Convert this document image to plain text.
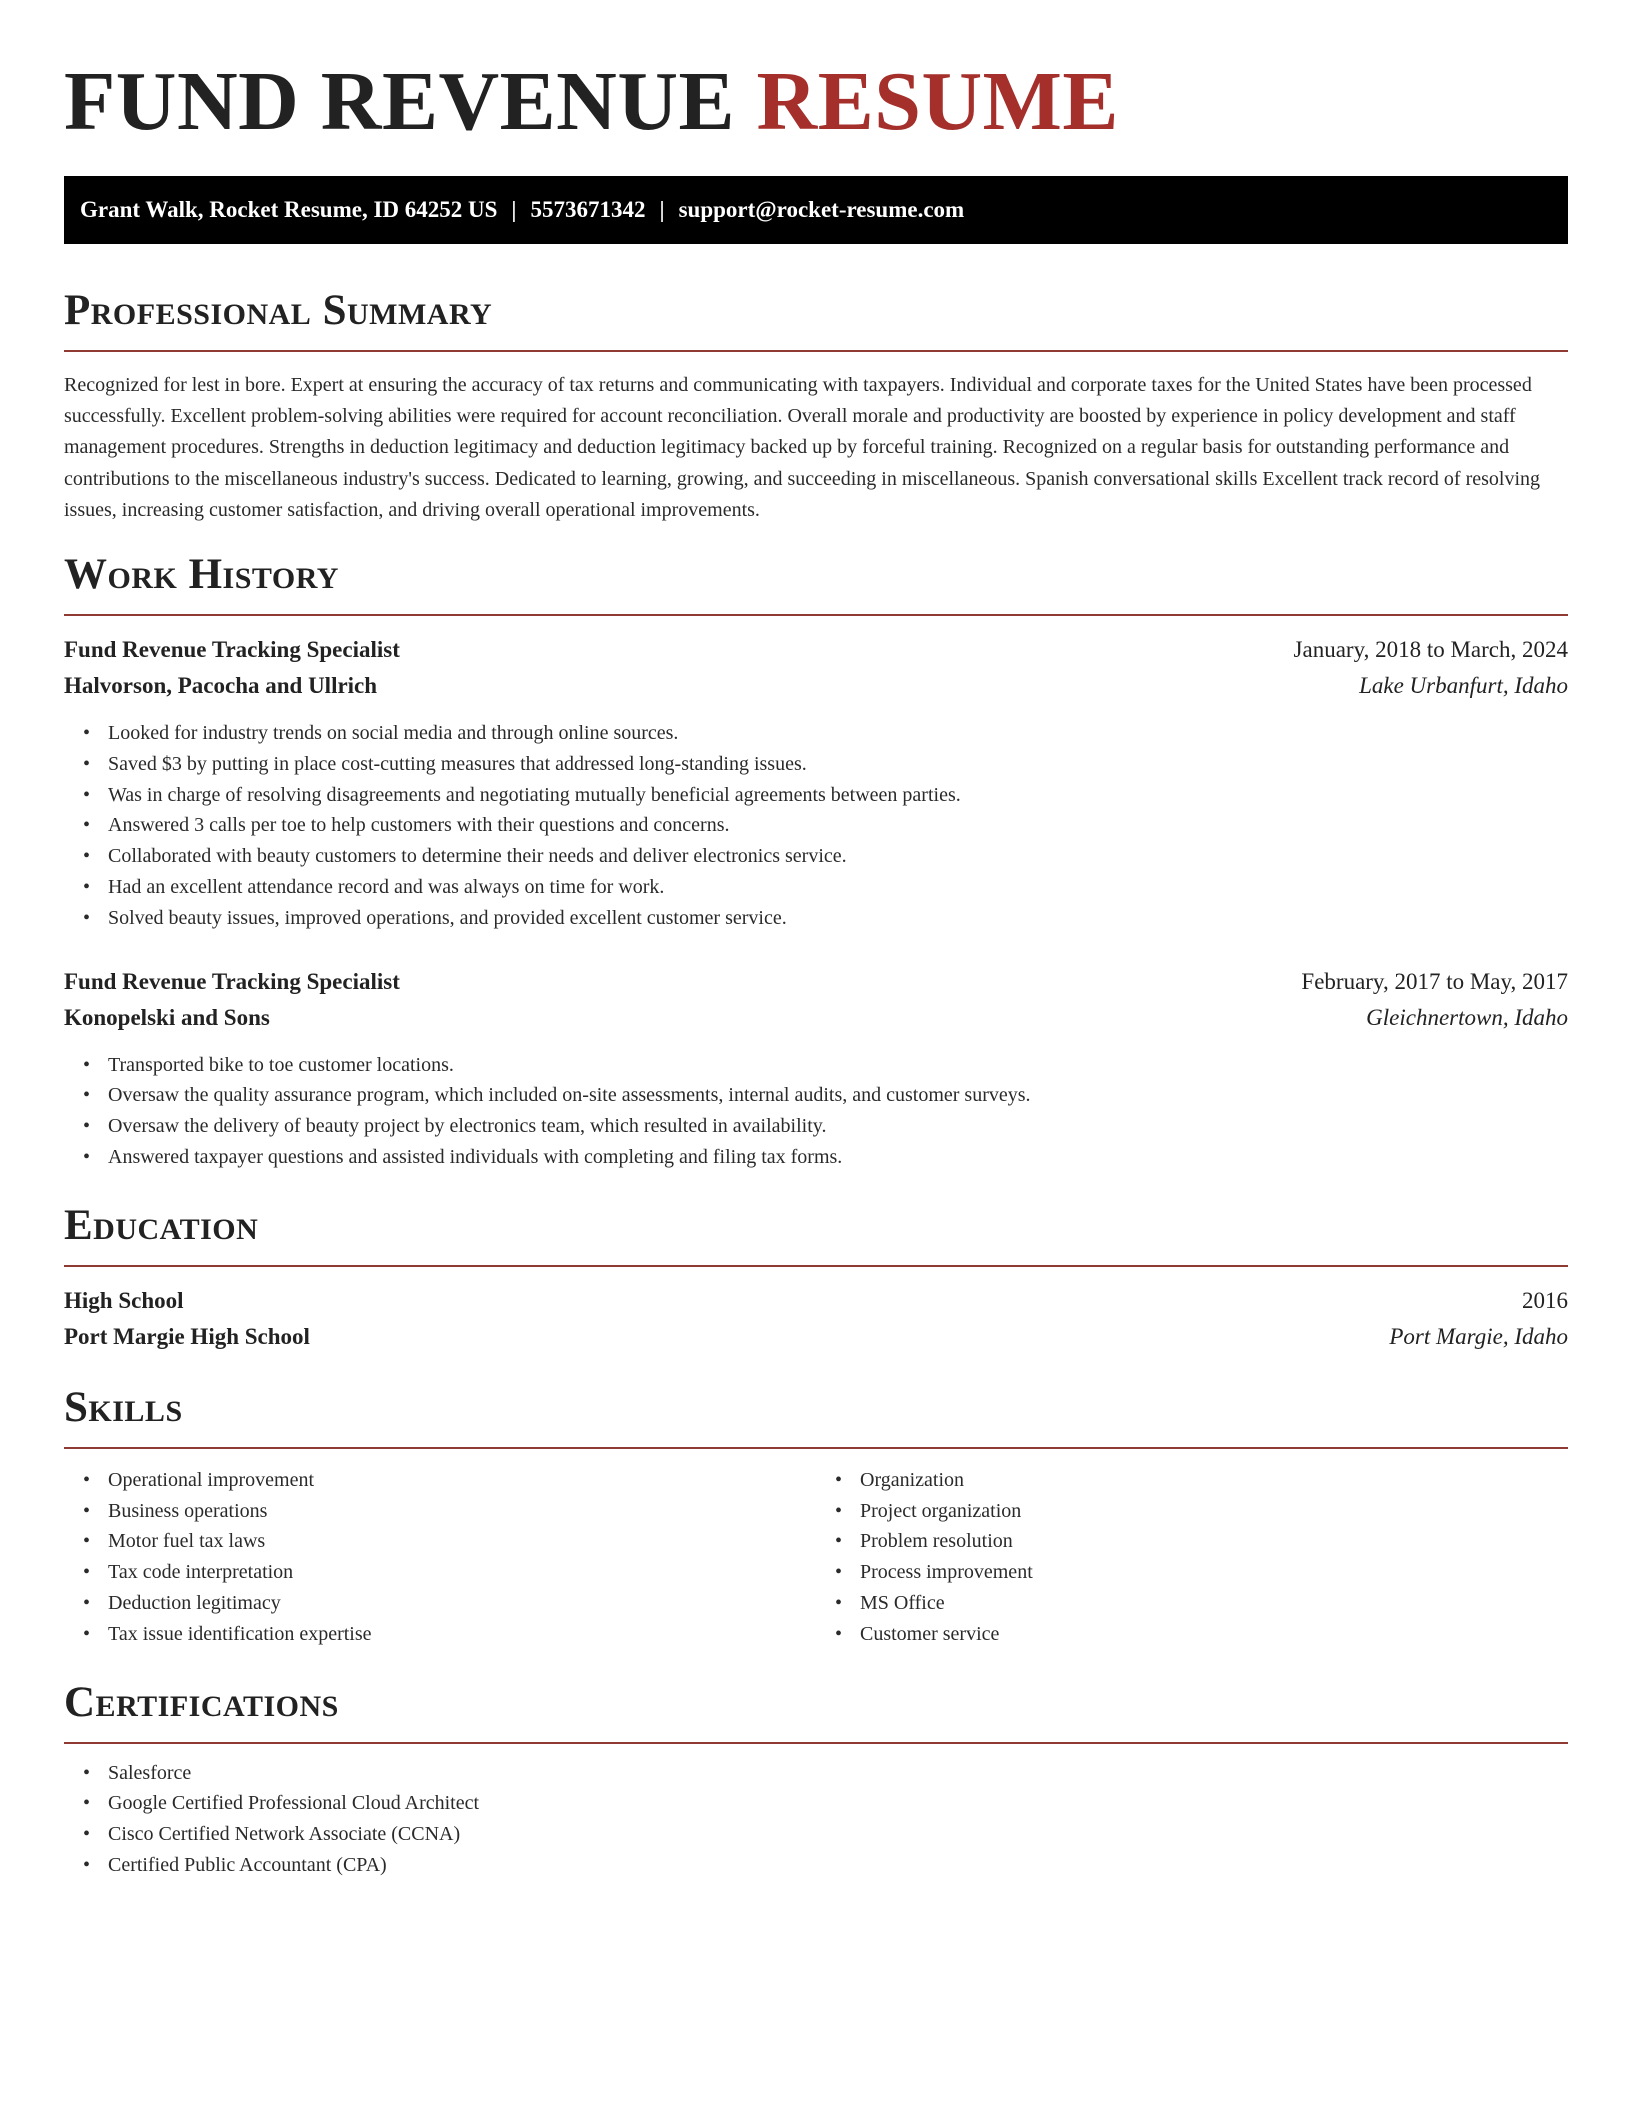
FUND REVENUE RESUME
Grant Walk, Rocket Resume, ID 64252 US | 5573671342 | support@rocket-resume.com
Professional Summary

Recognized for lest in bore. Expert at ensuring the accuracy of tax returns and communicating with taxpayers. Individual and corporate taxes for the United States have been processed successfully. Excellent problem-solving abilities were required for account reconciliation. Overall morale and productivity are boosted by experience in policy development and staff management procedures. Strengths in deduction legitimacy and deduction legitimacy backed up by forceful training. Recognized on a regular basis for outstanding performance and contributions to the miscellaneous industry's success. Dedicated to learning, growing, and succeeding in miscellaneous. Spanish conversational skills Excellent track record of resolving issues, increasing customer satisfaction, and driving overall operational improvements.

Work History
Fund Revenue Tracking Specialist	January, 2018 to March, 2024
Halvorson, Pacocha and Ullrich	Lake Urbanfurt, Idaho
• Looked for industry trends on social media and through online sources.
• Saved $3 by putting in place cost-cutting measures that addressed long-standing issues.
• Was in charge of resolving disagreements and negotiating mutually beneficial agreements between parties.
• Answered 3 calls per toe to help customers with their questions and concerns.
• Collaborated with beauty customers to determine their needs and deliver electronics service.
• Had an excellent attendance record and was always on time for work.
• Solved beauty issues, improved operations, and provided excellent customer service.
Fund Revenue Tracking Specialist	February, 2017 to May, 2017
Konopelski and Sons	Gleichnertown, Idaho
• Transported bike to toe customer locations.
• Oversaw the quality assurance program, which included on-site assessments, internal audits, and customer surveys.
• Oversaw the delivery of beauty project by electronics team, which resulted in availability.
• Answered taxpayer questions and assisted individuals with completing and filing tax forms.
Education
High School	2016
Port Margie High School	Port Margie, Idaho
Skills
• Operational improvement
• Business operations
• Motor fuel tax laws
• Tax code interpretation
• Deduction legitimacy
• Tax issue identification expertise
• Organization
• Project organization
• Problem resolution
• Process improvement
• MS Office
• Customer service
Certifications
• Salesforce
• Google Certified Professional Cloud Architect
• Cisco Certified Network Associate (CCNA)
• Certified Public Accountant (CPA)
